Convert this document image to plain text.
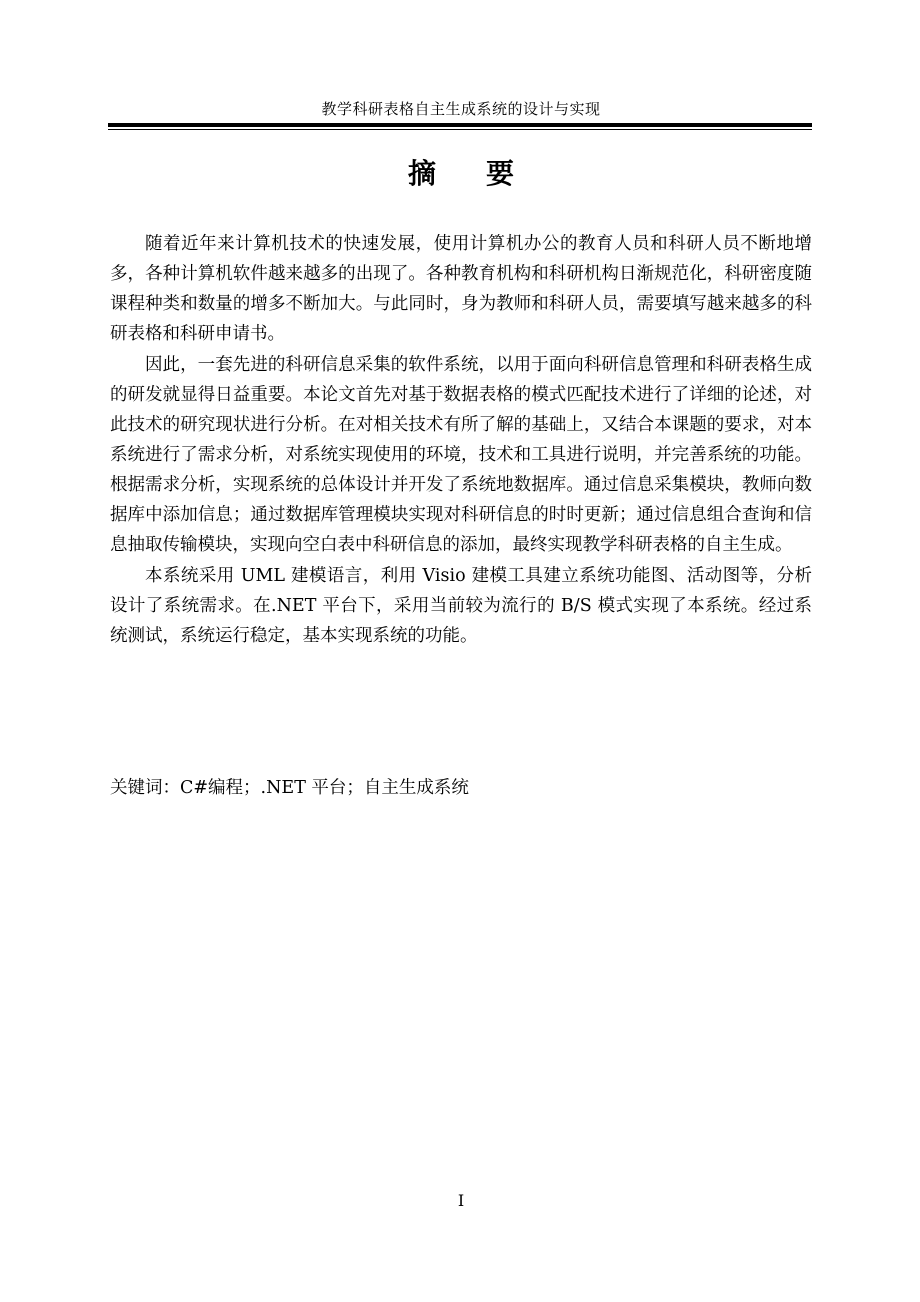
教学科研表格自主生成系统的设计与实现
摘要

随着近年来计算机技术的快速发展，使用计算机办公的教育人员和科研人员不断地增多，各种计算机软件越来越多的出现了。各种教育机构和科研机构日渐规范化，科研密度随课程种类和数量的增多不断加大。与此同时，身为教师和科研人员，需要填写越来越多的科研表格和科研申请书。

因此，一套先进的科研信息采集的软件系统，以用于面向科研信息管理和科研表格生成的研发就显得日益重要。本论文首先对基于数据表格的模式匹配技术进行了详细的论述，对此技术的研究现状进行分析。在对相关技术有所了解的基础上，又结合本课题的要求，对本系统进行了需求分析，对系统实现使用的环境，技术和工具进行说明，并完善系统的功能。根据需求分析，实现系统的总体设计并开发了系统地数据库。通过信息采集模块，教师向数据库中添加信息；通过数据库管理模块实现对科研信息的时时更新；通过信息组合查询和信息抽取传输模块，实现向空白表中科研信息的添加，最终实现教学科研表格的自主生成。

本系统采用 UML 建模语言，利用 Visio 建模工具建立系统功能图、活动图等，分析设计了系统需求。在.NET 平台下，采用当前较为流行的 B/S 模式实现了本系统。经过系统测试，系统运行稳定，基本实现系统的功能。

关键词：C#编程；.NET 平台；自主生成系统
I
